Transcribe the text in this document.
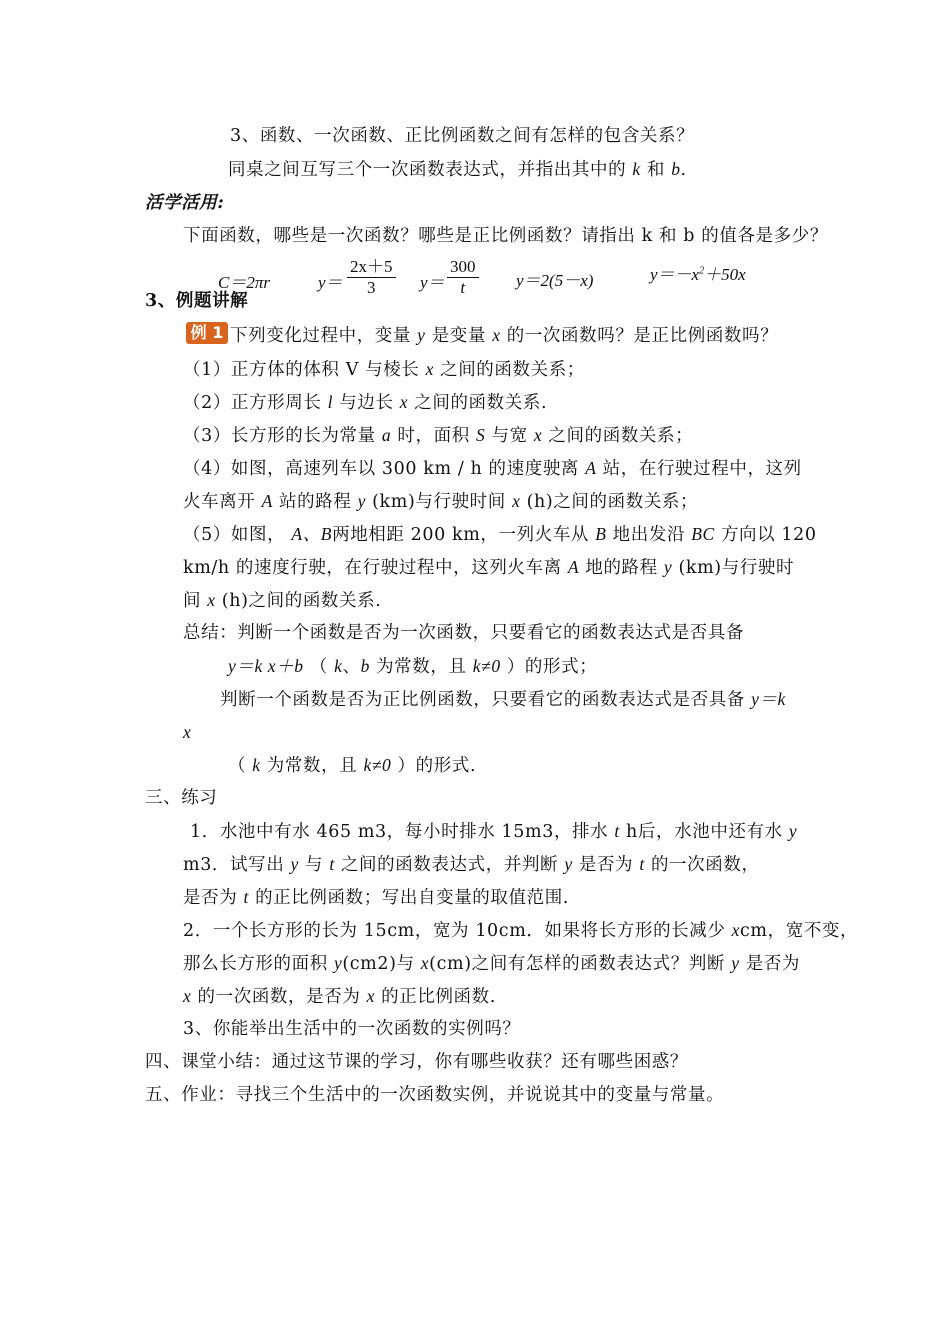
3、函数、一次函数、正比例函数之间有怎样的包含关系？
同桌之间互写三个一次函数表达式，并指出其中的 k 和 b.
活学活用:
下面函数，哪些是一次函数？哪些是正比例函数？请指出 k 和 b 的值各是多少？
C＝2πr	$y= \frac{2x+5}{3} y= \frac{300}{t} y=2(5-x)$	$y=-x^2+50x$
3、例题讲解
例 1 下列变化过程中，变量 y 是变量 x 的一次函数吗？是正比例函数吗？
（1）正方体的体积 V 与棱长 x 之间的函数关系；
（2）正方形周长 l 与边长 x 之间的函数关系.
（3）长方形的长为常量 a 时，面积 S 与宽 x 之间的函数关系；
（4）如图，高速列车以 300 km / h 的速度驶离 A 站，在行驶过程中，这列
火车离开 A 站的路程 y (km)与行驶时间 x (h)之间的函数关系；
（5）如图， A、B两地相距 200 km，一列火车从 B 地出发沿 BC 方向以 120
km/h 的速度行驶，在行驶过程中，这列火车离 A 地的路程 y (km)与行驶时
间 x (h)之间的函数关系.
总结：判断一个函数是否为一次函数，只要看它的函数表达式是否具备
y＝k x＋b （ k、b 为常数，且 k≠0 ）的形式；
判断一个函数是否为正比例函数，只要看它的函数表达式是否具备 y＝k
x
（ k 为常数，且 k≠0 ）的形式.
三、练习
1．水池中有水 465 m3，每小时排水 15m3，排水 t h后，水池中还有水 y
m3．试写出 y 与 t 之间的函数表达式，并判断 y 是否为 t 的一次函数，
是否为 t 的正比例函数；写出自变量的取值范围.
2．一个长方形的长为 15cm，宽为 10cm．如果将长方形的长减少 xcm，宽不变，
那么长方形的面积 y(cm2)与 x(cm)之间有怎样的函数表达式？判断 y 是否为
x 的一次函数，是否为 x 的正比例函数.
3、你能举出生活中的一次函数的实例吗？
四、课堂小结：通过这节课的学习，你有哪些收获？还有哪些困惑？
五、作业：寻找三个生活中的一次函数实例，并说说其中的变量与常量。
